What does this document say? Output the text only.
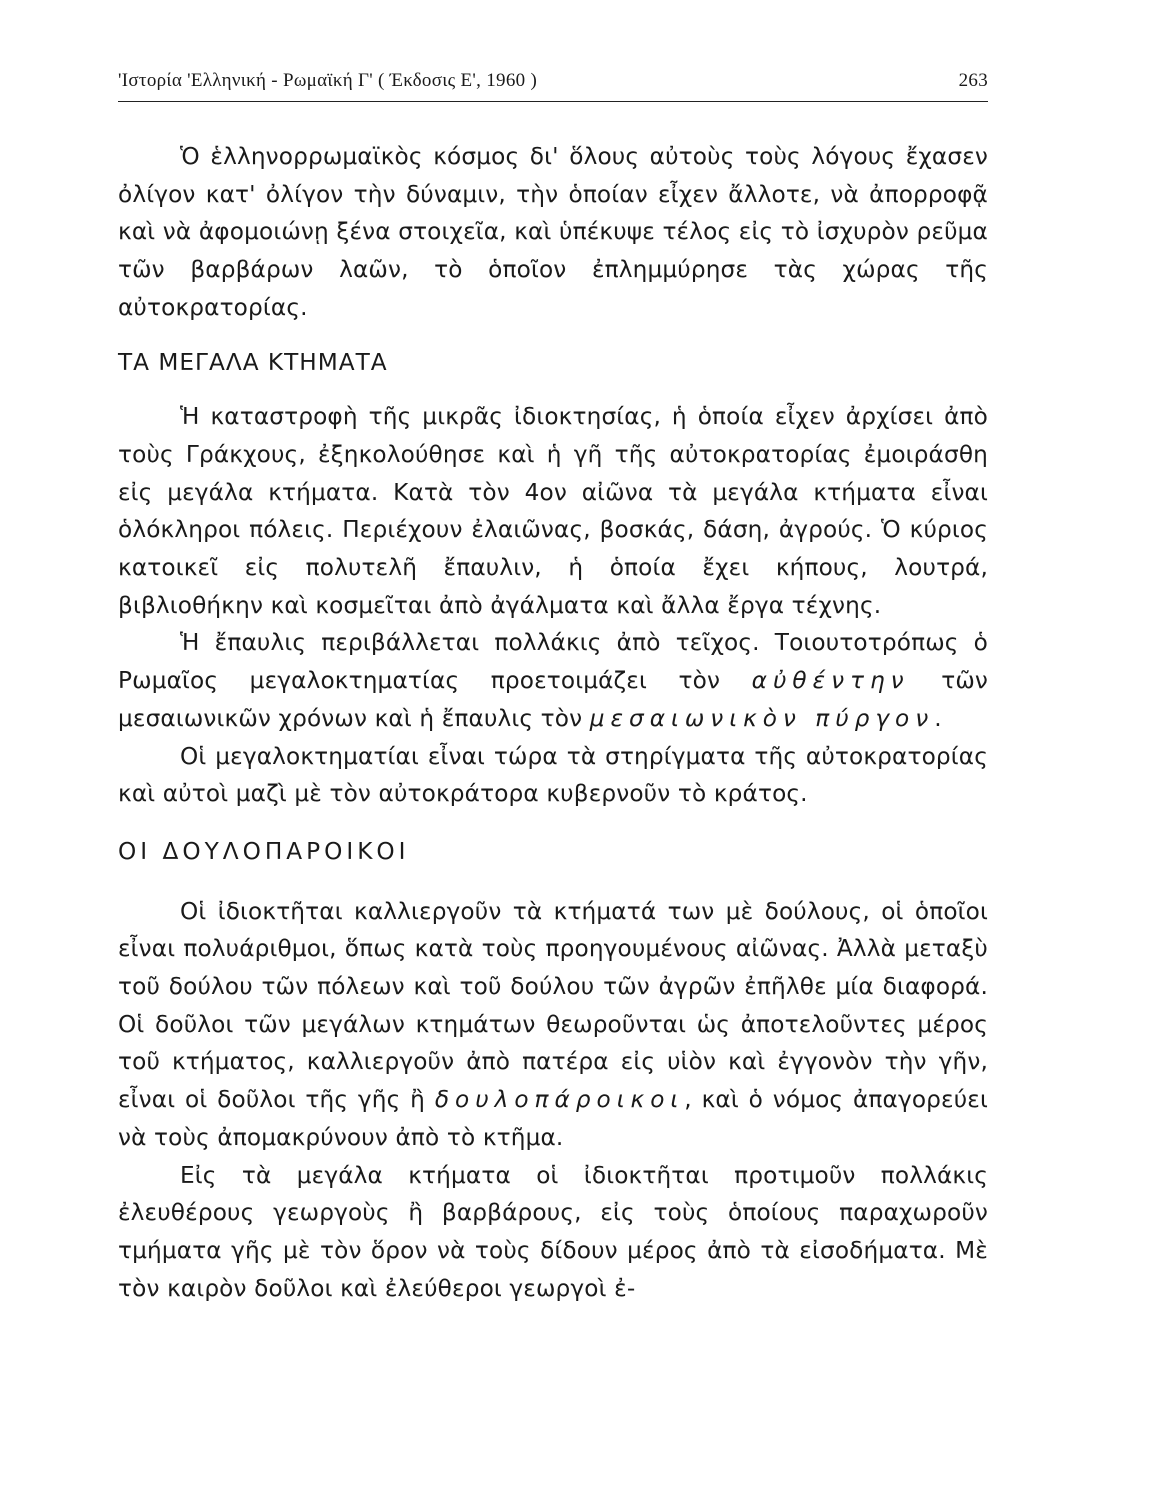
'Ιστορία 'Ελληνική - Ρωμαϊκή Γ' ( Έκδοσις Ε', 1960 )	263

Ὁ ἑλληνορρωμαϊκὸς κόσμος δι' ὅλους αὐτοὺς τοὺς λόγους ἔχασεν ὀλίγον κατ' ὀλίγον τὴν δύναμιν, τὴν ὁποίαν εἶχεν ἄλλοτε, νὰ ἀπορροφᾷ καὶ νὰ ἀφομοιώνῃ ξένα στοιχεῖα, καὶ ὑπέκυψε τέλος εἰς τὸ ἰσχυρὸν ρεῦμα τῶν βαρβάρων λαῶν, τὸ ὁποῖον ἐπλημμύρησε τὰς χώρας τῆς αὐτοκρατορίας.

ΤΑ ΜΕΓΑΛΑ ΚΤΗΜΑΤΑ

Ἡ καταστροφὴ τῆς μικρᾶς ἰδιοκτησίας, ἡ ὁποία εἶχεν ἀρχίσει ἀπὸ τοὺς Γράκχους, ἐξηκολούθησε καὶ ἡ γῆ τῆς αὐτοκρατορίας ἐμοιράσθη εἰς μεγάλα κτήματα. Κατὰ τὸν 4ον αἰῶνα τὰ μεγάλα κτήματα εἶναι ὁλόκληροι πόλεις. Περιέχουν ἐλαιῶνας, βοσκάς, δάση, ἀγρούς. Ὁ κύριος κατοικεῖ εἰς πολυτελῆ ἔπαυλιν, ἡ ὁποία ἔχει κήπους, λουτρά, βιβλιοθήκην καὶ κοσμεῖται ἀπὸ ἀγάλματα καὶ ἄλλα ἔργα τέχνης.

Ἡ ἔπαυλις περιβάλλεται πολλάκις ἀπὸ τεῖχος. Τοιουτοτρόπως ὁ Ρωμαῖος μεγαλοκτηματίας προετοιμάζει τὸν αὐθέντην τῶν μεσαιωνικῶν χρόνων καὶ ἡ ἔπαυλις τὸν μεσαιωνικὸν πύργον.

Οἱ μεγαλοκτηματίαι εἶναι τώρα τὰ στηρίγματα τῆς αὐτοκρατορίας καὶ αὐτοὶ μαζὶ μὲ τὸν αὐτοκράτορα κυβερνοῦν τὸ κράτος.

ΟΙ ΔΟΥΛΟΠΑΡΟΙΚΟΙ

Οἱ ἰδιοκτῆται καλλιεργοῦν τὰ κτήματά των μὲ δούλους, οἱ ὁποῖοι εἶναι πολυάριθμοι, ὅπως κατὰ τοὺς προηγουμένους αἰῶνας. Ἀλλὰ μεταξὺ τοῦ δούλου τῶν πόλεων καὶ τοῦ δούλου τῶν ἀγρῶν ἐπῆλθε μία διαφορά. Οἱ δοῦλοι τῶν μεγάλων κτημάτων θεωροῦνται ὡς ἀποτελοῦντες μέρος τοῦ κτήματος, καλλιεργοῦν ἀπὸ πατέρα εἰς υἱὸν καὶ ἐγγονὸν τὴν γῆν, εἶναι οἱ δοῦλοι τῆς γῆς ἢ δουλοπάροικοι, καὶ ὁ νόμος ἀπαγορεύει νὰ τοὺς ἀπομακρύνουν ἀπὸ τὸ κτῆμα.

Εἰς τὰ μεγάλα κτήματα οἱ ἰδιοκτῆται προτιμοῦν πολλάκις ἐλευθέρους γεωργοὺς ἢ βαρβάρους, εἰς τοὺς ὁποίους παραχωροῦν τμήματα γῆς μὲ τὸν ὅρον νὰ τοὺς δίδουν μέρος ἀπὸ τὰ εἰσοδήματα. Μὲ τὸν καιρὸν δοῦλοι καὶ ἐλεύθεροι γεωργοὶ ἐ-
